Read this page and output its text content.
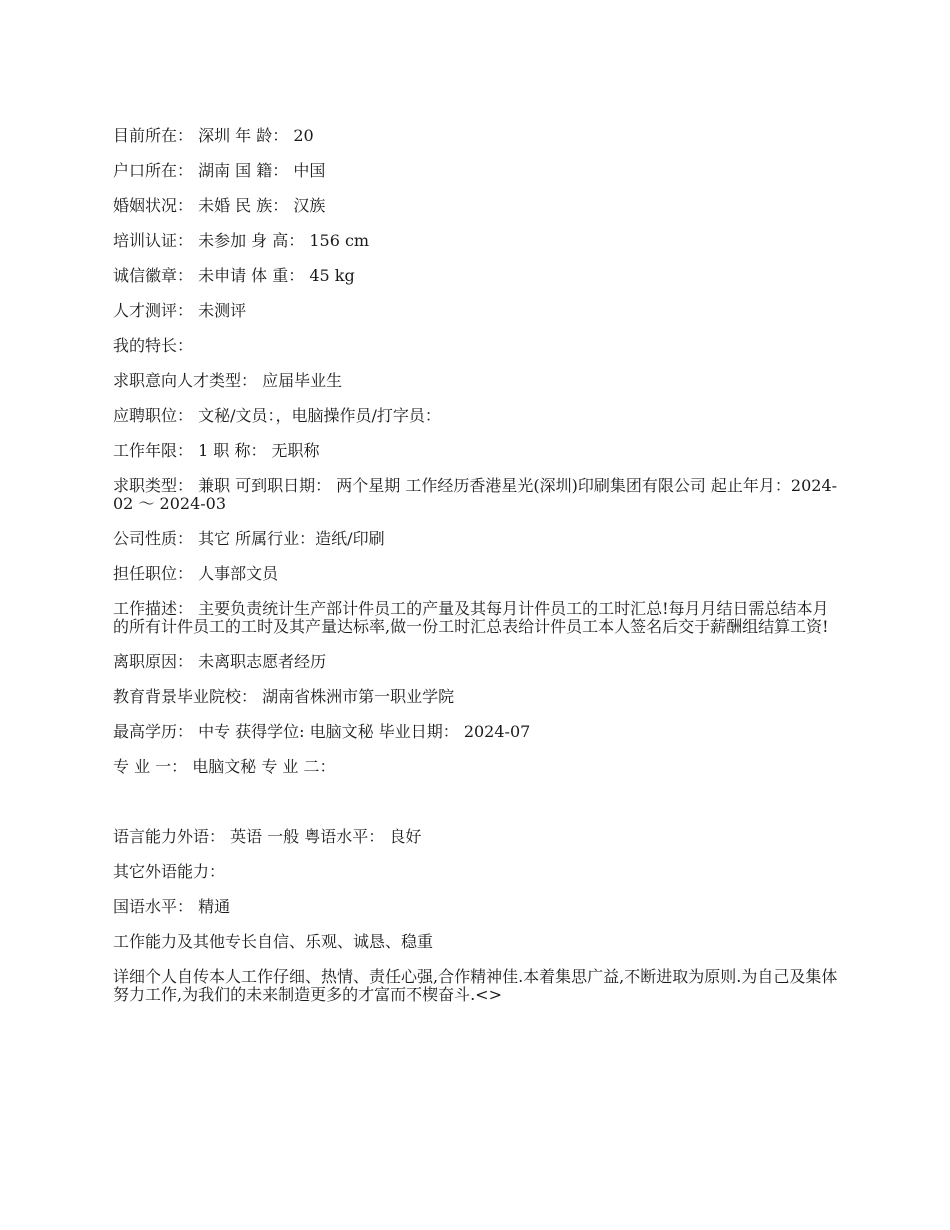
目前所在： 深圳 年 龄： 20

户口所在： 湖南 国 籍： 中国

婚姻状况： 未婚 民 族： 汉族

培训认证： 未参加 身 高： 156 cm

诚信徽章： 未申请 体 重： 45 kg

人才测评： 未测评

我的特长：

求职意向人才类型： 应届毕业生

应聘职位： 文秘/文员：，电脑操作员/打字员：

工作年限： 1 职 称： 无职称

求职类型： 兼职 可到职日期： 两个星期 工作经历香港星光(深圳)印刷集团有限公司 起止年月：2024-02 ～ 2024-03

公司性质： 其它 所属行业：造纸/印刷

担任职位： 人事部文员

工作描述： 主要负责统计生产部计件员工的产量及其每月计件员工的工时汇总!每月月结日需总结本月的所有计件员工的工时及其产量达标率,做一份工时汇总表给计件员工本人签名后交于薪酬组结算工资!

离职原因： 未离职志愿者经历

教育背景毕业院校： 湖南省株洲市第一职业学院

最高学历： 中专 获得学位: 电脑文秘 毕业日期： 2024-07

专 业 一： 电脑文秘 专 业 二：

语言能力外语： 英语 一般 粤语水平： 良好

其它外语能力：

国语水平： 精通

工作能力及其他专长自信、乐观、诚恳、稳重

详细个人自传本人工作仔细、热情、责任心强,合作精神佳.本着集思广益,不断进取为原则.为自己及集体努力工作,为我们的未来制造更多的才富而不楔奋斗.<>
